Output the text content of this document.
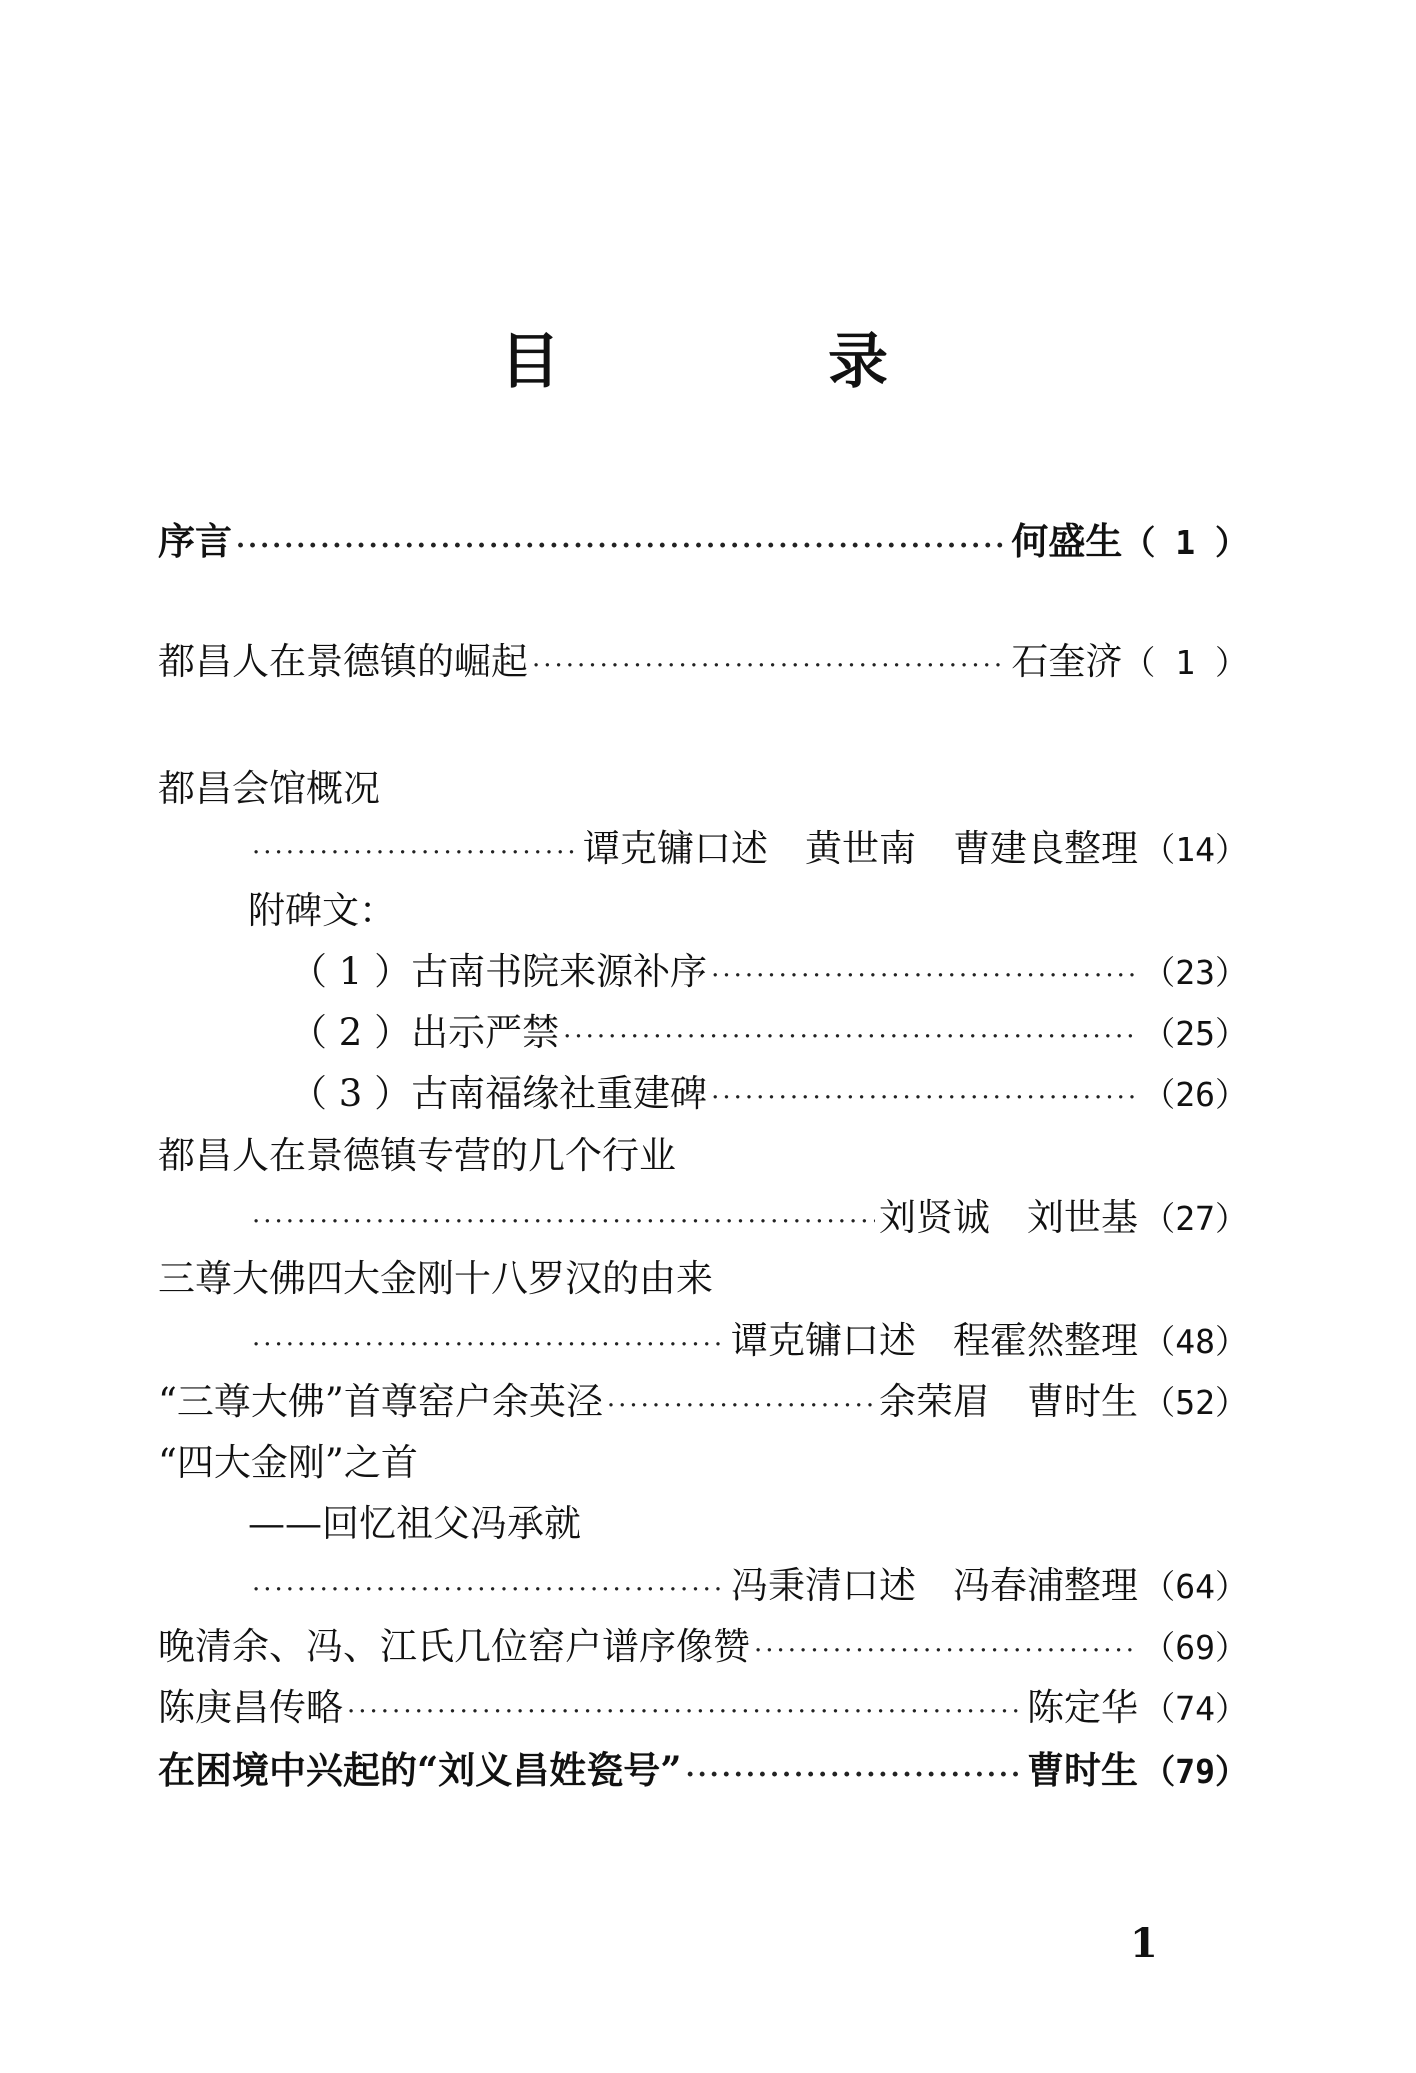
目	录
序言 ·····	何盛生 （ 1 ）
都昌人在景德镇的崛起 ·····	石奎济 （ 1 ）
都昌会馆概况
·····
谭克镛口述　黄世南　曹建良整理 （14）
附碑文：
（ 1 ）古南书院来源补序 ·····	（23）
（ 2 ）出示严禁 ·····	（25）
（ 3 ）古南福缘社重建碑 ·····	（26）
都昌人在景德镇专营的几个行业
·····
刘贤诚　刘世基 （27）
三尊大佛四大金刚十八罗汉的由来
·····
谭克镛口述　程霍然整理 （48）
“三尊大佛”首尊窑户余英泾 ·····	余荣眉　曹时生 （52）
“四大金刚”之首
——回忆祖父冯承就
·····
冯秉清口述　冯春浦整理 （64）
晚清余、冯、江氏几位窑户谱序像赞 ·····	（69）
陈庚昌传略 ·····	陈定华 （74）
在困境中兴起的“刘义昌姓瓷号” ·····	曹时生 （79）
1
